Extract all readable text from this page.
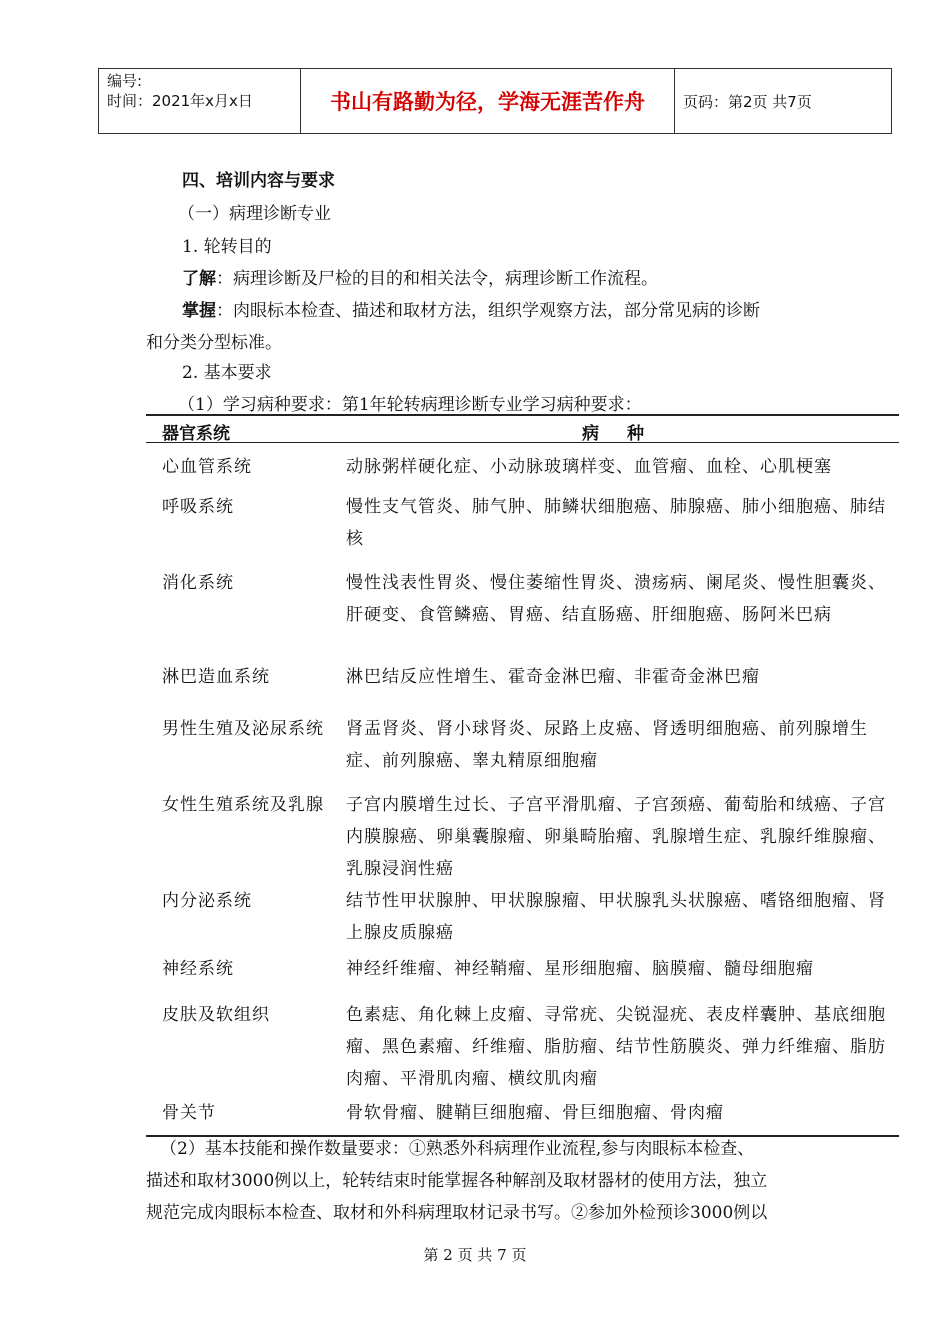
编号:
时间：2021年x月x日	书山有路勤为径，学海无涯苦作舟	页码：第2页 共7页
四、培训内容与要求
（一）病理诊断专业
1. 轮转目的
了解：病理诊断及尸检的目的和相关法令，病理诊断工作流程。
掌握：肉眼标本检查、描述和取材方法，组织学观察方法，部分常见病的诊断
和分类分型标准。
2. 基本要求
（1）学习病种要求：第1年轮转病理诊断专业学习病种要求：
器官系统	病种
心血管系统	动脉粥样硬化症、小动脉玻璃样变、血管瘤、血栓、心肌梗塞
呼吸系统	慢性支气管炎、肺气肿、肺鳞状细胞癌、肺腺癌、肺小细胞癌、肺结核
消化系统	慢性浅表性胃炎、慢住萎缩性胃炎、溃疡病、阑尾炎、慢性胆囊炎、肝硬变、食管鳞癌、胃癌、结直肠癌、肝细胞癌、肠阿米巴病
淋巴造血系统	淋巴结反应性增生、霍奇金淋巴瘤、非霍奇金淋巴瘤
男性生殖及泌尿系统	肾盂肾炎、肾小球肾炎、尿路上皮癌、肾透明细胞癌、前列腺增生症、前列腺癌、睾丸精原细胞瘤
女性生殖系统及乳腺	子宫内膜增生过长、子宫平滑肌瘤、子宫颈癌、葡萄胎和绒癌、子宫内膜腺癌、卵巢囊腺瘤、卵巢畸胎瘤、乳腺增生症、乳腺纤维腺瘤、乳腺浸润性癌
内分泌系统	结节性甲状腺肿、甲状腺腺瘤、甲状腺乳头状腺癌、嗜铬细胞瘤、肾上腺皮质腺癌
神经系统	神经纤维瘤、神经鞘瘤、星形细胞瘤、脑膜瘤、髓母细胞瘤
皮肤及软组织	色素痣、角化棘上皮瘤、寻常疣、尖锐湿疣、表皮样囊肿、基底细胞瘤、黑色素瘤、纤维瘤、脂肪瘤、结节性筋膜炎、弹力纤维瘤、脂肪肉瘤、平滑肌肉瘤、横纹肌肉瘤
骨关节	骨软骨瘤、腱鞘巨细胞瘤、骨巨细胞瘤、骨肉瘤
（2）基本技能和操作数量要求：①熟悉外科病理作业流程,参与肉眼标本检查、
描述和取材3000例以上，轮转结束时能掌握各种解剖及取材器材的使用方法，独立
规范完成肉眼标本检查、取材和外科病理取材记录书写。②参加外检预诊3000例以
第 2 页 共 7 页
